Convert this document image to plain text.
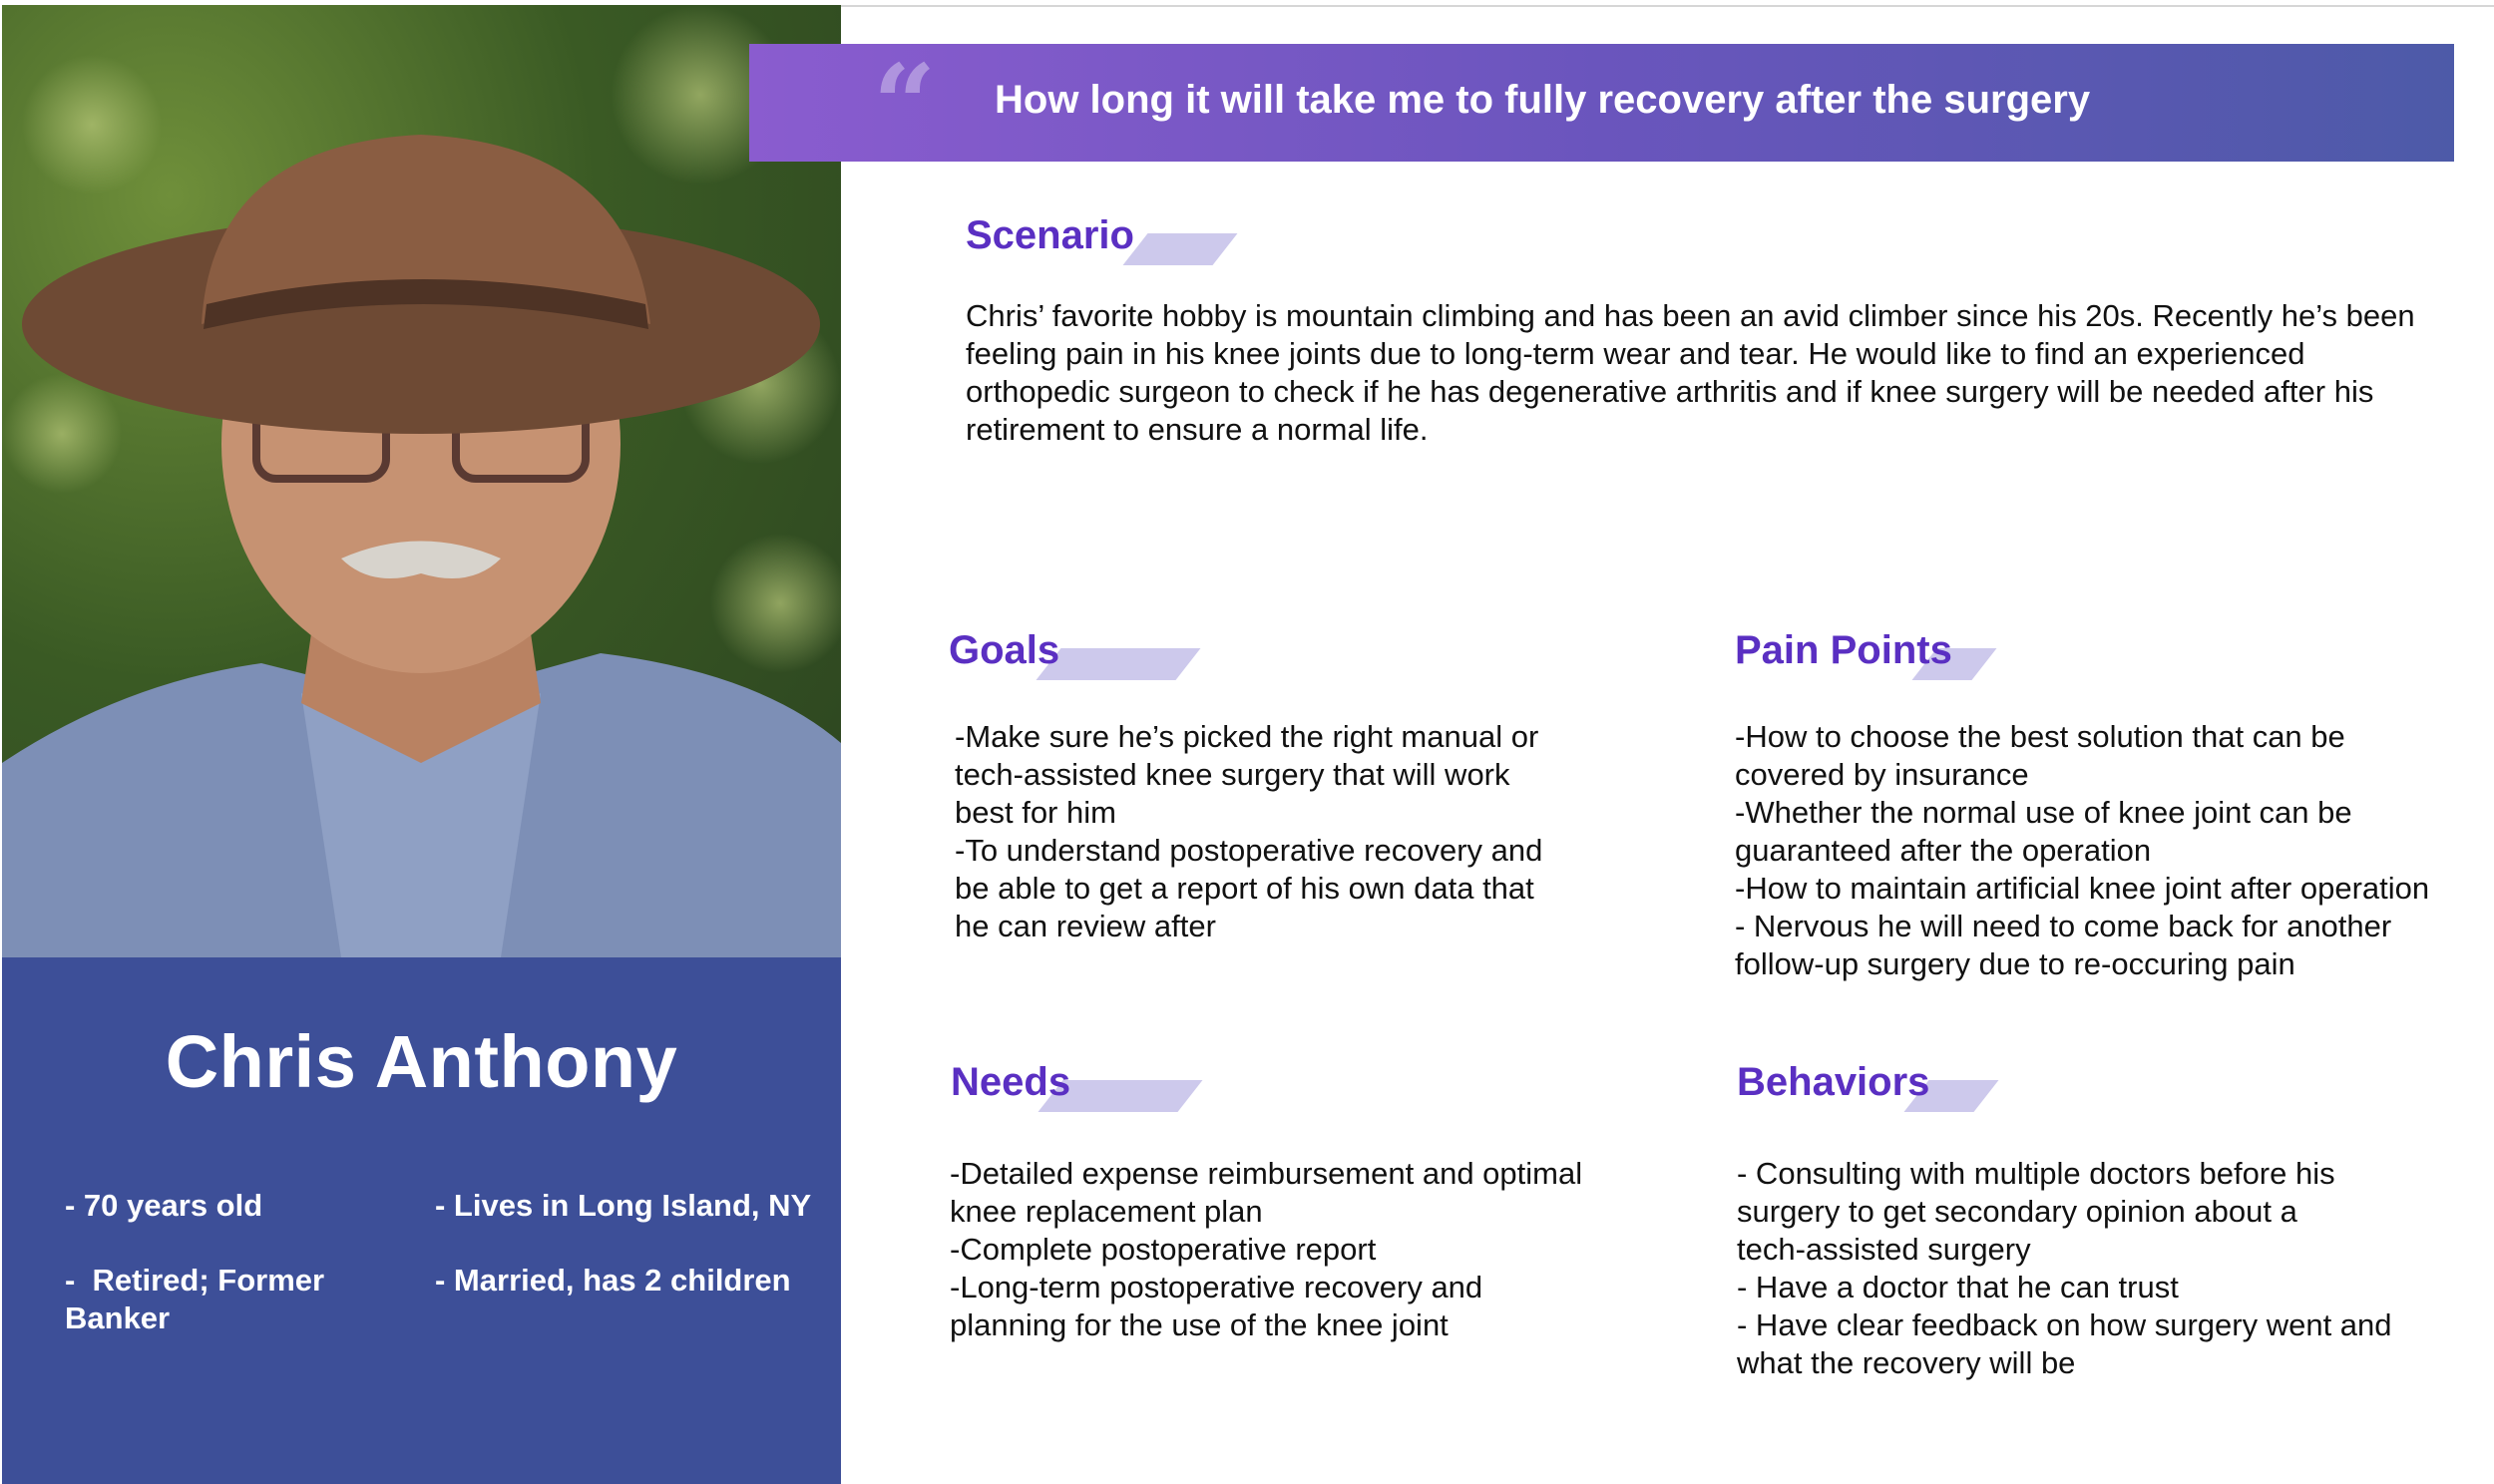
Chris Anthony
- 70 years old	- Lives in Long Island, NY
-  Retired; Former
Banker
- Married, has 2 children
“ How long it will take me to fully recovery after the surgery
Scenario
Chris’ favorite hobby is mountain climbing and has been an avid climber since his 20s. Recently he’s been
feeling pain in his knee joints due to long-term wear and tear. He would like to find an experienced
orthopedic surgeon to check if he has degenerative arthritis and if knee surgery will be needed after his
retirement to ensure a normal life.
Goals
-Make sure he’s picked the right manual or
tech-assisted knee surgery that will work
best for him
-To understand postoperative recovery and
be able to get a report of his own data that
he can review after
Pain Points
-How to choose the best solution that can be
covered by insurance
-Whether the normal use of knee joint can be
guaranteed after the operation
-How to maintain artificial knee joint after operation
- Nervous he will need to come back for another
follow-up surgery due to re-occuring pain
Needs
-Detailed expense reimbursement and optimal
knee replacement plan
-Complete postoperative report
-Long-term postoperative recovery and
planning for the use of the knee joint
Behaviors
- Consulting with multiple doctors before his
surgery to get secondary opinion about a
tech-assisted surgery
- Have a doctor that he can trust
- Have clear feedback on how surgery went and
what the recovery will be
